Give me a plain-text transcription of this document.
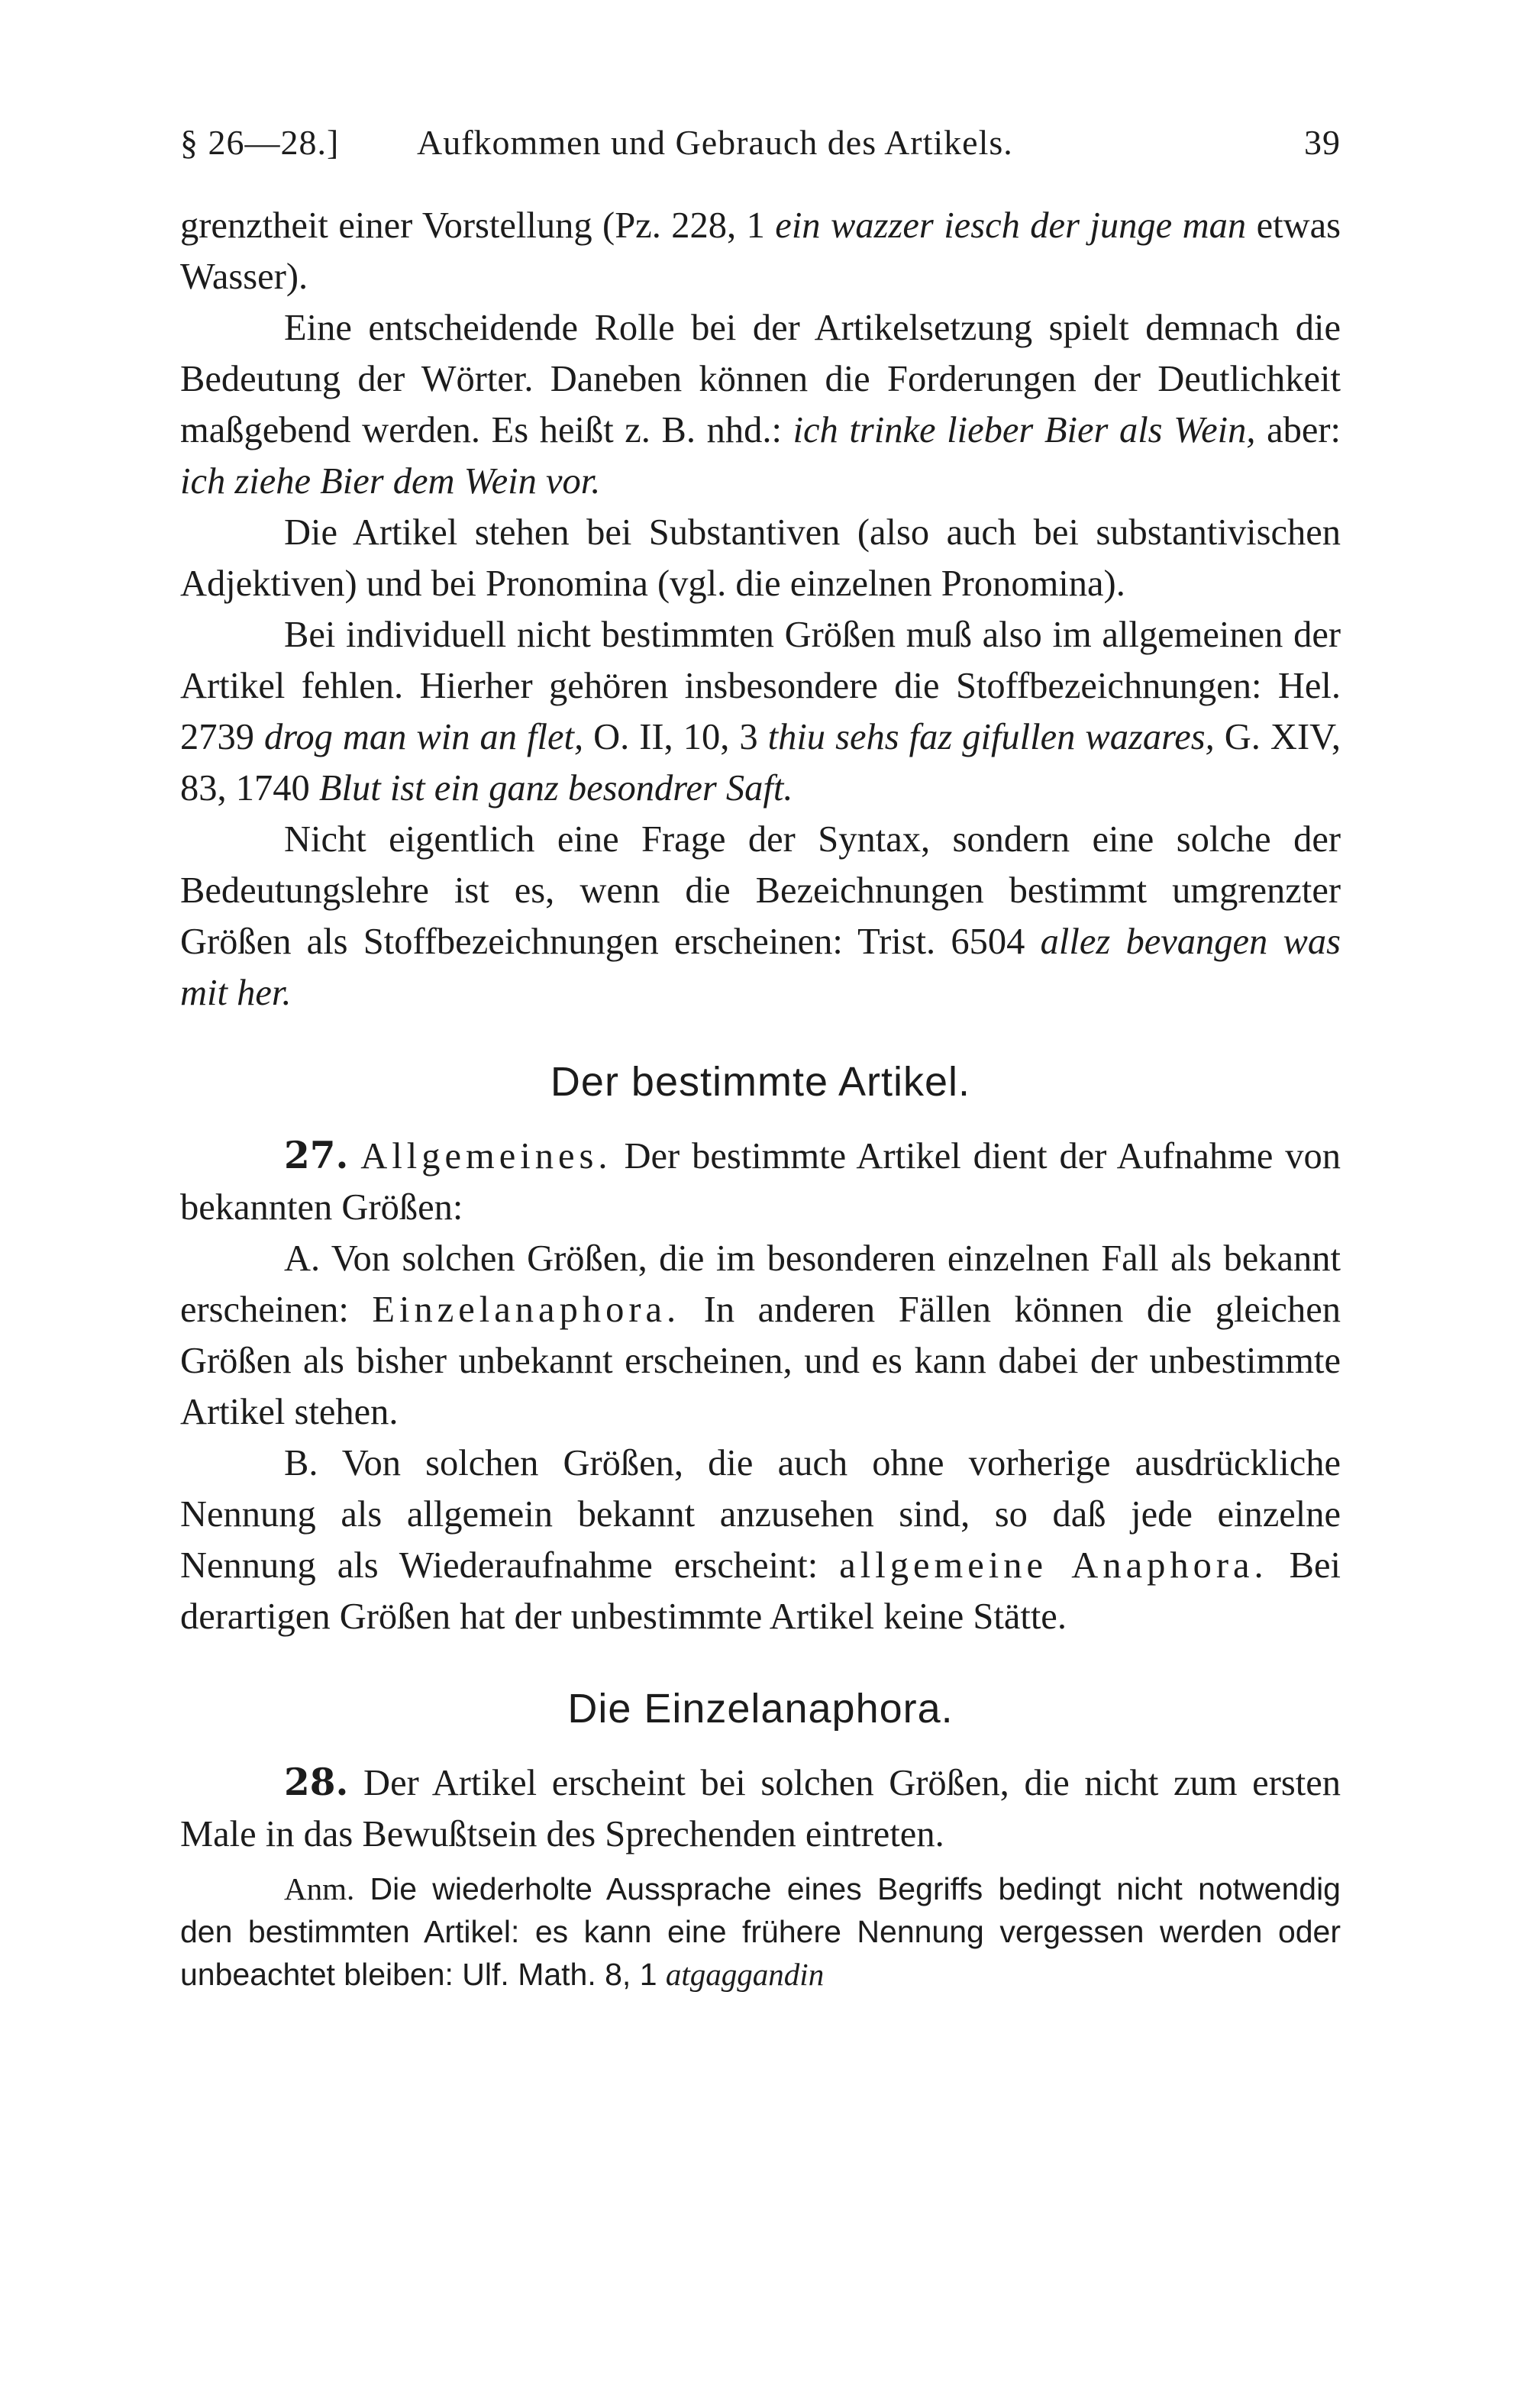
§ 26—28.] Aufkommen und Gebrauch des Artikels.	39

grenztheit einer Vorstellung (Pz. 228, 1 ein wazzer iesch der junge man etwas Wasser).

Eine entscheidende Rolle bei der Artikelsetzung spielt demnach die Bedeutung der Wörter. Daneben können die Forderungen der Deutlichkeit maßgebend werden. Es heißt z. B. nhd.: ich trinke lieber Bier als Wein, aber: ich ziehe Bier dem Wein vor.

Die Artikel stehen bei Substantiven (also auch bei substantivischen Adjektiven) und bei Pronomina (vgl. die einzelnen Pronomina).

Bei individuell nicht bestimmten Größen muß also im allgemeinen der Artikel fehlen. Hierher gehören insbesondere die Stoffbezeichnungen: Hel. 2739 drog man win an flet, O. II, 10, 3 thiu sehs faz gifullen wazares, G. XIV, 83, 1740 Blut ist ein ganz besondrer Saft.

Nicht eigentlich eine Frage der Syntax, sondern eine solche der Bedeutungslehre ist es, wenn die Bezeichnungen bestimmt umgrenzter Größen als Stoffbezeichnungen erscheinen: Trist. 6504 allez bevangen was mit her.

Der bestimmte Artikel.

27. Allgemeines. Der bestimmte Artikel dient der Aufnahme von bekannten Größen:

A. Von solchen Größen, die im besonderen einzelnen Fall als bekannt erscheinen: Einzelanaphora. In anderen Fällen können die gleichen Größen als bisher unbekannt erscheinen, und es kann dabei der unbestimmte Artikel stehen.

B. Von solchen Größen, die auch ohne vorherige ausdrückliche Nennung als allgemein bekannt anzusehen sind, so daß jede einzelne Nennung als Wiederaufnahme erscheint: allgemeine Anaphora. Bei derartigen Größen hat der unbestimmte Artikel keine Stätte.

Die Einzelanaphora.

28. Der Artikel erscheint bei solchen Größen, die nicht zum ersten Male in das Bewußtsein des Sprechenden eintreten.

Anm. Die wiederholte Aussprache eines Begriffs bedingt nicht notwendig den bestimmten Artikel: es kann eine frühere Nennung vergessen werden oder unbeachtet bleiben: Ulf. Math. 8, 1 atgaggandin
